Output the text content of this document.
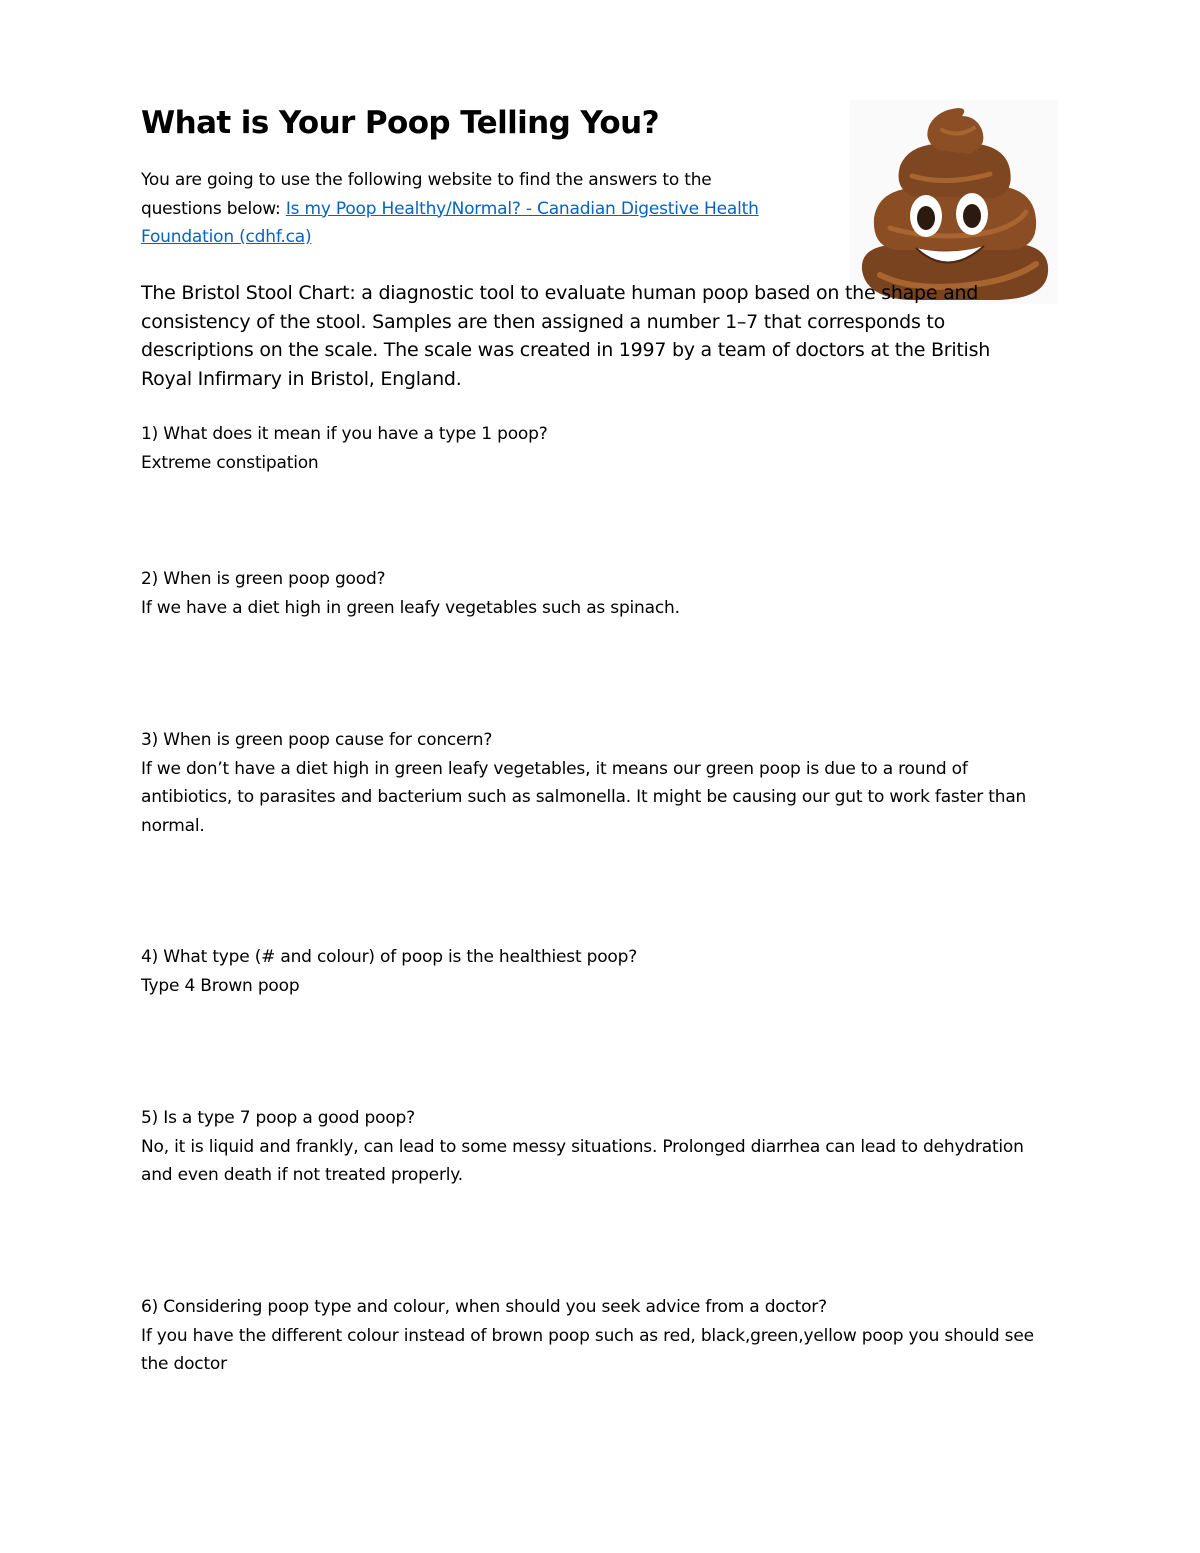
What is Your Poop Telling You?

You are going to use the following website to find the answers to the questions below: Is my Poop Healthy/Normal? - Canadian Digestive Health Foundation (cdhf.ca)

The Bristol Stool Chart: a diagnostic tool to evaluate human poop based on the shape and consistency of the stool. Samples are then assigned a number 1–7 that corresponds to descriptions on the scale. The scale was created in 1997 by a team of doctors at the British Royal Infirmary in Bristol, England.

1) What does it mean if you have a type 1 poop?
Extreme constipation

2) When is green poop good?
If we have a diet high in green leafy vegetables such as spinach.

3) When is green poop cause for concern?
If we don’t have a diet high in green leafy vegetables, it means our green poop is due to a round of antibiotics, to parasites and bacterium such as salmonella. It might be causing our gut to work faster than normal.

4) What type (# and colour) of poop is the healthiest poop?
Type 4 Brown poop

5) Is a type 7 poop a good poop?
No, it is liquid and frankly, can lead to some messy situations. Prolonged diarrhea can lead to dehydration and even death if not treated properly.

6) Considering poop type and colour, when should you seek advice from a doctor?
If you have the different colour instead of brown poop such as red, black,green,yellow poop you should see the doctor
